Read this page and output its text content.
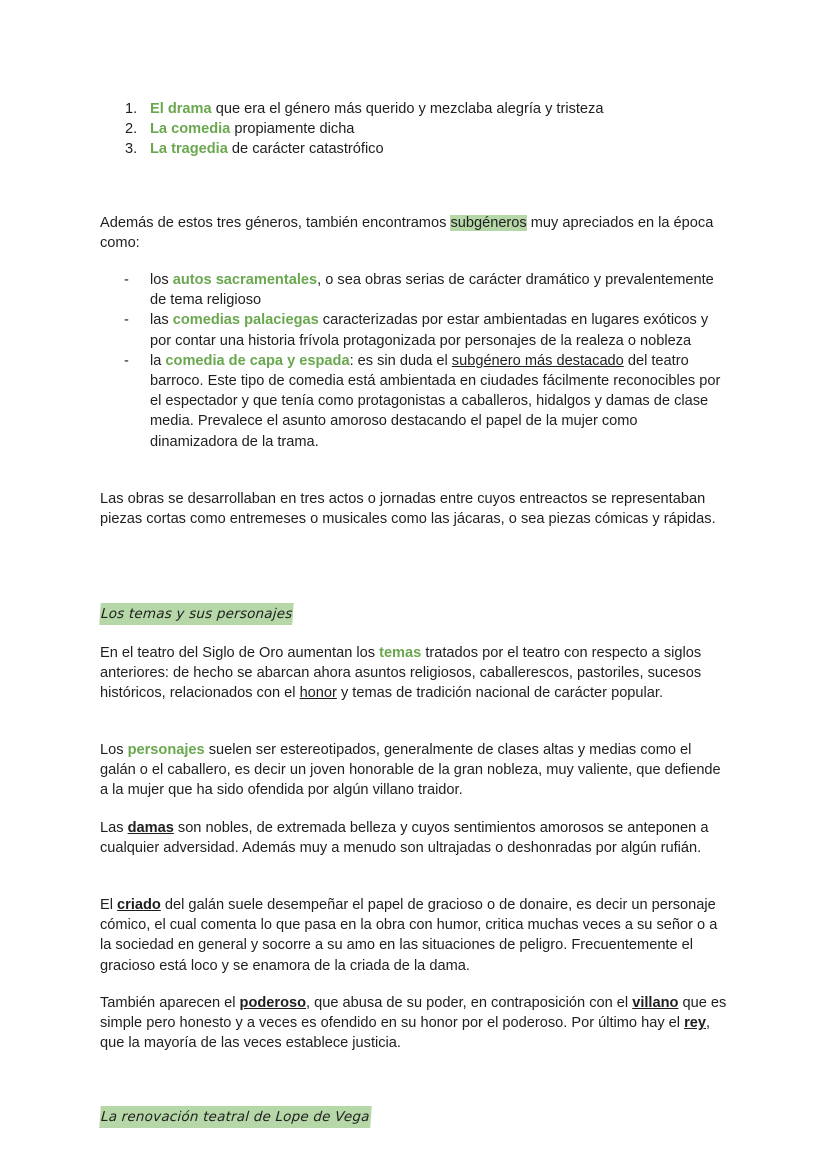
1. El drama que era el género más querido y mezclaba alegría y tristeza
2. La comedia propiamente dicha
3. La tragedia de carácter catastrófico

Además de estos tres géneros, también encontramos subgéneros muy apreciados en la época como:

- los autos sacramentales, o sea obras serias de carácter dramático y prevalentemente de tema religioso
- las comedias palaciegas caracterizadas por estar ambientadas en lugares exóticos y por contar una historia frívola protagonizada por personajes de la realeza o nobleza
- la comedia de capa y espada: es sin duda el subgénero más destacado del teatro barroco. Este tipo de comedia está ambientada en ciudades fácilmente reconocibles por el espectador y que tenía como protagonistas a caballeros, hidalgos y damas de clase media. Prevalece el asunto amoroso destacando el papel de la mujer como dinamizadora de la trama.

Las obras se desarrollaban en tres actos o jornadas entre cuyos entreactos se representaban piezas cortas como entremeses o musicales como las jácaras, o sea piezas cómicas y rápidas.

Los temas y sus personajes

En el teatro del Siglo de Oro aumentan los temas tratados por el teatro con respecto a siglos anteriores: de hecho se abarcan ahora asuntos religiosos, caballerescos, pastoriles, sucesos históricos, relacionados con el honor y temas de tradición nacional de carácter popular.

Los personajes suelen ser estereotipados, generalmente de clases altas y medias como el galán o el caballero, es decir un joven honorable de la gran nobleza, muy valiente, que defiende a la mujer que ha sido ofendida por algún villano traidor.

Las damas son nobles, de extremada belleza y cuyos sentimientos amorosos se anteponen a cualquier adversidad. Además muy a menudo son ultrajadas o deshonradas por algún rufián.

El criado del galán suele desempeñar el papel de gracioso o de donaire, es decir un personaje cómico, el cual comenta lo que pasa en la obra con humor, critica muchas veces a su señor o a la sociedad en general y socorre a su amo en las situaciones de peligro. Frecuentemente el gracioso está loco y se enamora de la criada de la dama.

También aparecen el poderoso, que abusa de su poder, en contraposición con el villano que es simple pero honesto y a veces es ofendido en su honor por el poderoso. Por último hay el rey, que la mayoría de las veces establece justicia.

La renovación teatral de Lope de Vega
